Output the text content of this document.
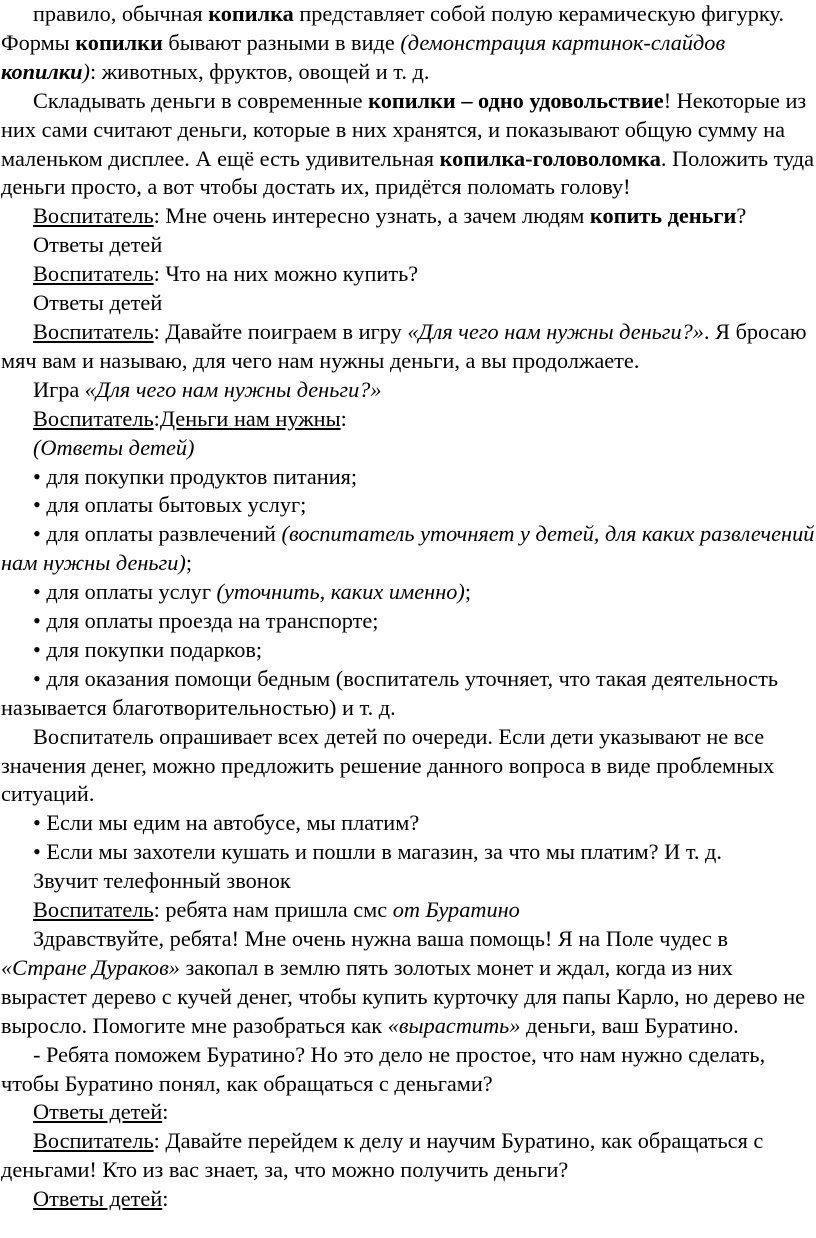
правило, обычная копилка представляет собой полую керамическую фигурку. Формы копилки бывают разными в виде (демонстрация картинок-слайдов копилки): животных, фруктов, овощей и т. д.

Складывать деньги в современные копилки – одно удовольствие! Некоторые из них сами считают деньги, которые в них хранятся, и показывают общую сумму на маленьком дисплее. А ещё есть удивительная копилка-головоломка. Положить туда деньги просто, а вот чтобы достать их, придётся поломать голову!

Воспитатель: Мне очень интересно узнать, а зачем людям копить деньги?

Ответы детей

Воспитатель: Что на них можно купить?

Ответы детей

Воспитатель: Давайте поиграем в игру «Для чего нам нужны деньги?». Я бросаю мяч вам и называю, для чего нам нужны деньги, а вы продолжаете.

Игра «Для чего нам нужны деньги?»

Воспитатель:Деньги нам нужны:

(Ответы детей)

• для покупки продуктов питания;

• для оплаты бытовых услуг;

• для оплаты развлечений (воспитатель уточняет у детей, для каких развлечений нам нужны деньги);

• для оплаты услуг (уточнить, каких именно);

• для оплаты проезда на транспорте;

• для покупки подарков;

• для оказания помощи бедным (воспитатель уточняет, что такая деятельность называется благотворительностью) и т. д.

Воспитатель опрашивает всех детей по очереди. Если дети указывают не все значения денег, можно предложить решение данного вопроса в виде проблемных ситуаций.

• Если мы едим на автобусе, мы платим?

• Если мы захотели кушать и пошли в магазин, за что мы платим? И т. д.

Звучит телефонный звонок

Воспитатель: ребята нам пришла смс от Буратино

Здравствуйте, ребята! Мне очень нужна ваша помощь! Я на Поле чудес в «Стране Дураков» закопал в землю пять золотых монет и ждал, когда из них вырастет дерево с кучей денег, чтобы купить курточку для папы Карло, но дерево не выросло. Помогите мне разобраться как «вырастить» деньги, ваш Буратино.

- Ребята поможем Буратино? Но это дело не простое, что нам нужно сделать, чтобы Буратино понял, как обращаться с деньгами?

Ответы детей:

Воспитатель: Давайте перейдем к делу и научим Буратино, как обращаться с деньгами! Кто из вас знает, за, что можно получить деньги?

Ответы детей:
